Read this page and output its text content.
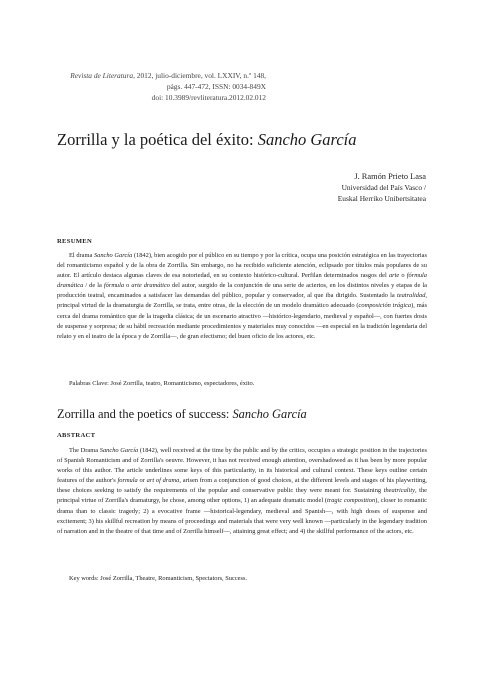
Revista de Literatura, 2012, julio-diciembre, vol. LXXIV, n.º 148,
págs. 447-472, ISSN: 0034-849X
doi: 10.3989/revliteratura.2012.02.012
Zorrilla y la poética del éxito: Sancho García
J. Ramón Prieto Lasa
Universidad del País Vasco /
Euskal Herriko Unibertsitatea
RESUMEN

El drama Sancho García (1842), bien acogido por el público en su tiempo y por la crítica, ocupa una posición estratégica en las trayectorias del romanticismo español y de la obra de Zorrilla. Sin embargo, no ha recibido suficiente atención, eclipsado por títulos más populares de su autor. El artículo destaca algunas claves de esa notoriedad, en su contexto histórico-cultural. Perfilan determinados rasgos del arte o fórmula dramática / de la fórmula o arte dramático del autor, surgido de la conjunción de una serie de aciertos, en los distintos niveles y etapas de la producción teatral, encaminados a satisfacer las demandas del público, popular y conservador, al que iba dirigido. Sustentado la teatralidad, principal virtud de la dramaturgia de Zorrilla, se trata, entre otras, de la elección de un modelo dramático adecuado (composición trágica), más cerca del drama romántico que de la tragedia clásica; de un escenario atractivo —histórico-legendario, medieval y español—, con fuertes dosis de suspense y sorpresa; de su hábil recreación mediante procedimientos y materiales muy conocidos —en especial en la tradición legendaria del relato y en el teatro de la época y de Zorrilla—, de gran efectismo; del buen oficio de los actores, etc.

Palabras Clave: José Zorrilla, teatro, Romanticismo, espectadores, éxito.
Zorrilla and the poetics of success: Sancho García
ABSTRACT

The Drama Sancho García (1842), well received at the time by the public and by the critics, occupies a strategic position in the trajectories of Spanish Romanticism and of Zorrilla's oeuvre. However, it has not received enough attention, overshadowed as it has been by more popular works of this author. The article underlines some keys of this particularity, in its historical and cultural context. These keys outline certain features of the author's formula or art of drama, arisen from a conjunction of good choices, at the different levels and stages of his playwriting, these choices seeking to satisfy the requirements of the popular and conservative public they were meant for. Sustaining theatricality, the principal virtue of Zorrilla's dramaturgy, he chose, among other options, 1) an adequate dramatic model (tragic composition), closer to romantic drama than to classic tragedy; 2) a evocative frame —historical-legendary, medieval and Spanish—, with high doses of suspense and excitement; 3) his skillful recreation by means of proceedings and materials that were very well known —particularly in the legendary tradition of narration and in the theatre of that time and of Zorrilla himself—, attaining great effect; and 4) the skillful performance of the actors, etc.

Key words: José Zorrilla, Theatre, Romanticism, Spectators, Success.
